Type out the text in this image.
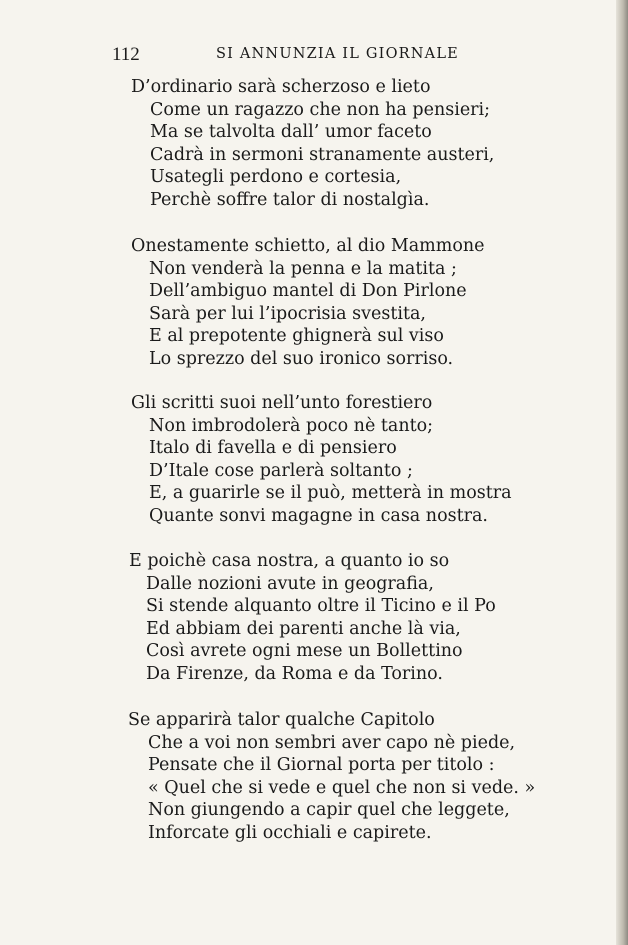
112	SI ANNUNZIA IL GIORNALE
D’ordinario sarà scherzoso e lieto
Come un ragazzo che non ha pensieri;
Ma se talvolta dall’ umor faceto
Cadrà in sermoni stranamente austeri,
Usategli perdono e cortesia,
Perchè soffre talor di nostalgìa.
Onestamente schietto, al dio Mammone
Non venderà la penna e la matita ;
Dell’ambiguo mantel di Don Pirlone
Sarà per lui l’ipocrisia svestita,
E al prepotente ghignerà sul viso
Lo sprezzo del suo ironico sorriso.
Gli scritti suoi nell’unto forestiero
Non imbrodolerà poco nè tanto;
Italo di favella e di pensiero
D’Itale cose parlerà soltanto ;
E, a guarirle se il può, metterà in mostra
Quante sonvi magagne in casa nostra.
E poichè casa nostra, a quanto io so
Dalle nozioni avute in geografia,
Si stende alquanto oltre il Ticino e il Po
Ed abbiam dei parenti anche là via,
Così avrete ogni mese un Bollettino
Da Firenze, da Roma e da Torino.
Se apparirà talor qualche Capitolo
Che a voi non sembri aver capo nè piede,
Pensate che il Giornal porta per titolo :
« Quel che si vede e quel che non si vede. »
Non giungendo a capir quel che leggete,
Inforcate gli occhiali e capirete.
